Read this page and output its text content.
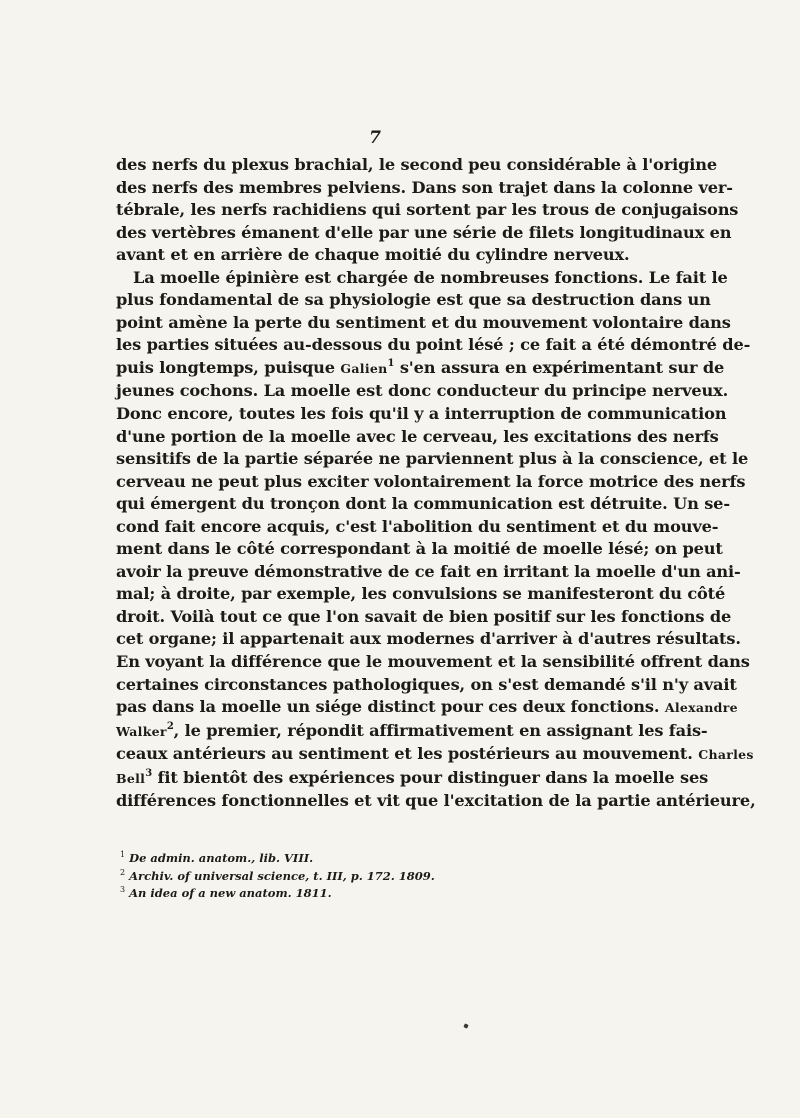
7
des nerfs du plexus brachial, le second peu considérable à l'origine
des nerfs des membres pelviens. Dans son trajet dans la colonne ver-
tébrale, les nerfs rachidiens qui sortent par les trous de conjugaisons
des vertèbres émanent d'elle par une série de filets longitudinaux en
avant et en arrière de chaque moitié du cylindre nerveux.
La moelle épinière est chargée de nombreuses fonctions. Le fait le
plus fondamental de sa physiologie est que sa destruction dans un
point amène la perte du sentiment et du mouvement volontaire dans
les parties situées au-dessous du point lésé ; ce fait a été démontré de-
puis longtemps, puisque Galien$^1$ s'en assura en expérimentant sur de
jeunes cochons. La moelle est donc conducteur du principe nerveux.
Donc encore, toutes les fois qu'il y a interruption de communication
d'une portion de la moelle avec le cerveau, les excitations des nerfs
sensitifs de la partie séparée ne parviennent plus à la conscience, et le
cerveau ne peut plus exciter volontairement la force motrice des nerfs
qui émergent du tronçon dont la communication est détruite. Un se-
cond fait encore acquis, c'est l'abolition du sentiment et du mouve-
ment dans le côté correspondant à la moitié de moelle lésé; on peut
avoir la preuve démonstrative de ce fait en irritant la moelle d'un ani-
mal; à droite, par exemple, les convulsions se manifesteront du côté
droit. Voilà tout ce que l'on savait de bien positif sur les fonctions de
cet organe; il appartenait aux modernes d'arriver à d'autres résultats.
En voyant la différence que le mouvement et la sensibilité offrent dans
certaines circonstances pathologiques, on s'est demandé s'il n'y avait
pas dans la moelle un siége distinct pour ces deux fonctions. Alexandre
Walker$^2$, le premier, répondit affirmativement en assignant les fais-
ceaux antérieurs au sentiment et les postérieurs au mouvement. Charles
Bell$^3$ fit bientôt des expériences pour distinguer dans la moelle ses
différences fonctionnelles et vit que l'excitation de la partie antérieure,
$^1$ De admin. anatom., lib. VIII.
$^2$ Archiv. of universal science, t. III, p. 172. 1809.
$^3$ An idea of a new anatom. 1811.
